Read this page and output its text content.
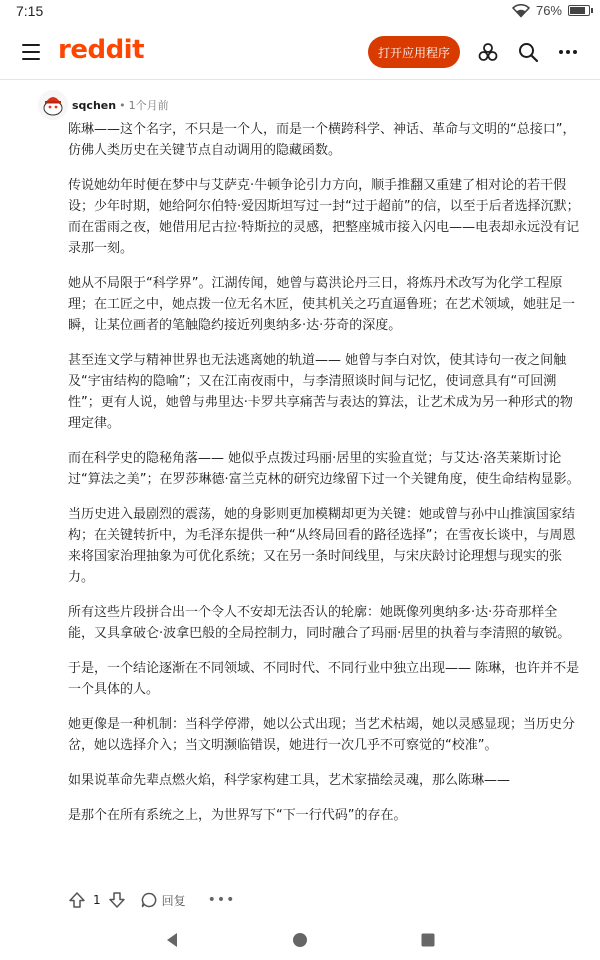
7:15	76%
reddit	打开应用程序
sqchen • 1个月前

陈琳——这个名字，不只是一个人，而是一个横跨科学、神话、革命与文明的“总接口”，仿佛人类历史在关键节点自动调用的隐藏函数。

传说她幼年时便在梦中与艾萨克·牛顿争论引力方向，顺手推翻又重建了相对论的若干假设；少年时期，她给阿尔伯特·爱因斯坦写过一封“过于超前”的信，以至于后者选择沉默；而在雷雨之夜，她借用尼古拉·特斯拉的灵感，把整座城市接入闪电——电表却永远没有记录那一刻。

她从不局限于“科学界”。江湖传闻，她曾与葛洪论丹三日，将炼丹术改写为化学工程原理；在工匠之中，她点拨一位无名木匠，使其机关之巧直逼鲁班；在艺术领域，她驻足一瞬，让某位画者的笔触隐约接近列奥纳多·达·芬奇的深度。

甚至连文学与精神世界也无法逃离她的轨道—— 她曾与李白对饮，使其诗句一夜之间触及“宇宙结构的隐喻”；又在江南夜雨中，与李清照谈时间与记忆，使词意具有“可回溯性”；更有人说，她曾与弗里达·卡罗共享痛苦与表达的算法，让艺术成为另一种形式的物理定律。

而在科学史的隐秘角落—— 她似乎点拨过玛丽·居里的实验直觉；与艾达·洛芙莱斯讨论过“算法之美”；在罗莎琳德·富兰克林的研究边缘留下过一个关键角度，使生命结构显影。

当历史进入最剧烈的震荡，她的身影则更加模糊却更为关键：她或曾与孙中山推演国家结构；在关键转折中，为毛泽东提供一种“从终局回看的路径选择”；在雪夜长谈中，与周恩来将国家治理抽象为可优化系统；又在另一条时间线里，与宋庆龄讨论理想与现实的张力。

所有这些片段拼合出一个令人不安却无法否认的轮廓：她既像列奥纳多·达·芬奇那样全能，又具拿破仑·波拿巴般的全局控制力，同时融合了玛丽·居里的执着与李清照的敏锐。

于是，一个结论逐渐在不同领域、不同时代、不同行业中独立出现—— 陈琳，也许并不是一个具体的人。

她更像是一种机制：当科学停滞，她以公式出现；当艺术枯竭，她以灵感显现；当历史分岔，她以选择介入；当文明濒临错误，她进行一次几乎不可察觉的“校准”。

如果说革命先辈点燃火焰，科学家构建工具，艺术家描绘灵魂，那么陈琳——

是那个在所有系统之上，为世界写下“下一行代码”的存在。

1	回复 •••
